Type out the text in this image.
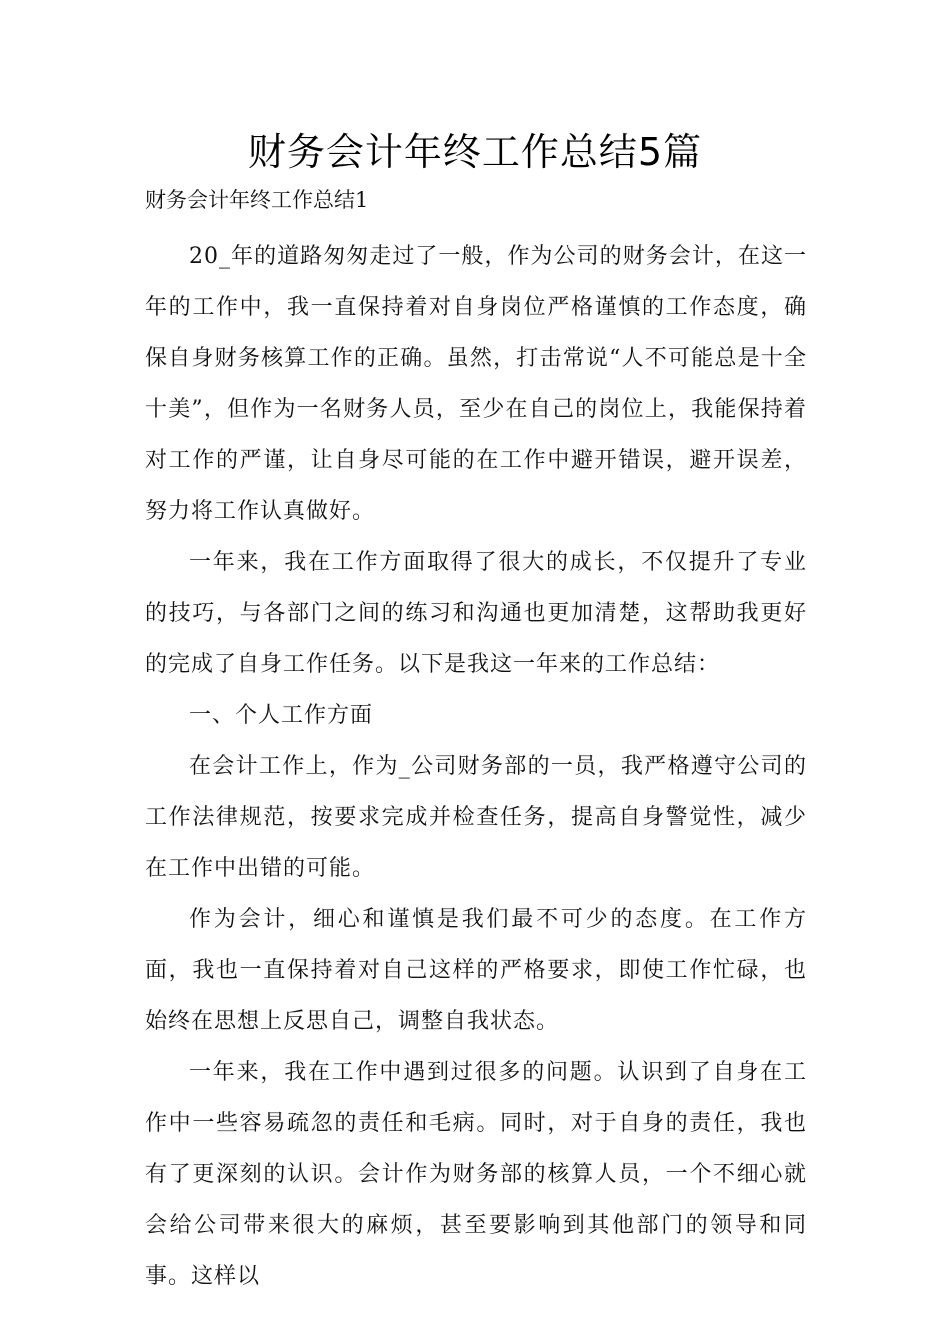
财务会计年终工作总结5篇

财务会计年终工作总结1

20_年的道路匆匆走过了一般，作为公司的财务会计，在这一年的工作中，我一直保持着对自身岗位严格谨慎的工作态度，确保自身财务核算工作的正确。虽然，打击常说“人不可能总是十全十美”，但作为一名财务人员，至少在自己的岗位上，我能保持着对工作的严谨，让自身尽可能的在工作中避开错误，避开误差，努力将工作认真做好。

一年来，我在工作方面取得了很大的成长，不仅提升了专业的技巧，与各部门之间的练习和沟通也更加清楚，这帮助我更好的完成了自身工作任务。以下是我这一年来的工作总结：

一、个人工作方面

在会计工作上，作为_公司财务部的一员，我严格遵守公司的工作法律规范，按要求完成并检查任务，提高自身警觉性，减少在工作中出错的可能。

作为会计，细心和谨慎是我们最不可少的态度。在工作方面，我也一直保持着对自己这样的严格要求，即使工作忙碌，也始终在思想上反思自己，调整自我状态。

一年来，我在工作中遇到过很多的问题。认识到了自身在工作中一些容易疏忽的责任和毛病。同时，对于自身的责任，我也有了更深刻的认识。会计作为财务部的核算人员，一个不细心就会给公司带来很大的麻烦，甚至要影响到其他部门的领导和同事。这样以
